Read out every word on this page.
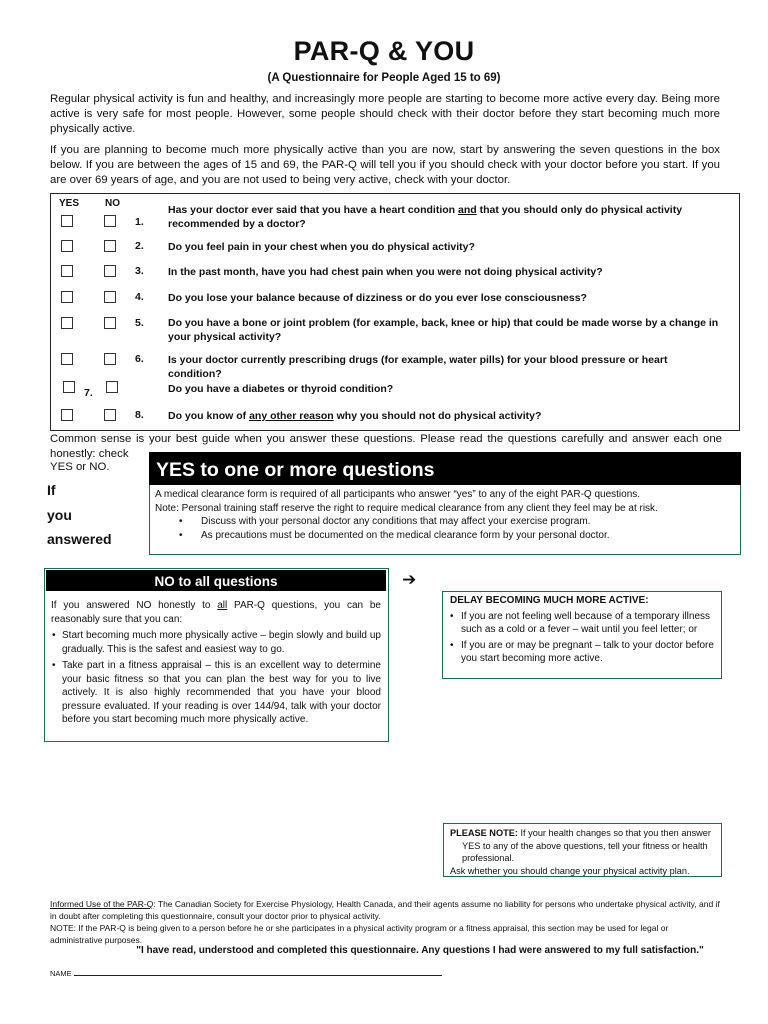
PAR-Q & YOU
(A Questionnaire for People Aged 15 to 69)
Regular physical activity is fun and healthy, and increasingly more people are starting to become more active every day. Being more active is very safe for most people. However, some people should check with their doctor before they start becoming much more physically active.
If you are planning to become much more physically active than you are now, start by answering the seven questions in the box below. If you are between the ages of 15 and 69, the PAR-Q will tell you if you should check with your doctor before you start. If you are over 69 years of age, and you are not used to being very active, check with your doctor.
YES	NO
1.
Has your doctor ever said that you have a heart condition and that you should only do physical activity recommended by a doctor?
2. Do you feel pain in your chest when you do physical activity?
3. In the past month, have you had chest pain when you were not doing physical activity?
4. Do you lose your balance because of dizziness or do you ever lose consciousness?
5. Do you have a bone or joint problem (for example, back, knee or hip) that could be made worse by a change in your physical activity?
6. Is your doctor currently prescribing drugs (for example, water pills) for your blood pressure or heart condition?
7.	Do you have a diabetes or thyroid condition?
8. Do you know of any other reason why you should not do physical activity?
Common sense is your best guide when you answer these questions. Please read the questions carefully and answer each one honestly: check
YES or NO.
If
you
answered
YES to one or more questions
A medical clearance form is required of all participants who answer “yes” to any of the eight PAR-Q questions.
Note: Personal training staff reserve the right to require medical clearance from any client they feel may be at risk.
• Discuss with your personal doctor any conditions that may affect your exercise program.
• As precautions must be documented on the medical clearance form by your personal doctor.
NO to all questions
If you answered NO honestly to all PAR-Q questions, you can be reasonably sure that you can:
• Start becoming much more physically active – begin slowly and build up gradually. This is the safest and easiest way to go.
• Take part in a fitness appraisal – this is an excellent way to determine your basic fitness so that you can plan the best way for you to live actively. It is also highly recommended that you have your blood pressure evaluated. If your reading is over 144/94, talk with your doctor before you start becoming much more physically active.
➔
DELAY BECOMING MUCH MORE ACTIVE:
• If you are not feeling well because of a temporary illness such as a cold or a fever – wait until you feel letter; or
• If you are or may be pregnant – talk to your doctor before you start becoming more active.
PLEASE NOTE: If your health changes so that you then answer
YES to any of the above questions, tell your fitness or health professional.
Ask whether you should change your physical activity plan.
Informed Use of the PAR-Q: The Canadian Society for Exercise Physiology, Health Canada, and their agents assume no liability for persons who undertake physical activity, and if in doubt after completing this questionnaire, consult your doctor prior to physical activity.
NOTE: If the PAR-Q is being given to a person before he or she participates in a physical activity program or a fitness appraisal, this section may be used for legal or administrative purposes.
"I have read, understood and completed this questionnaire. Any questions I had were answered to my full satisfaction."
NAME
